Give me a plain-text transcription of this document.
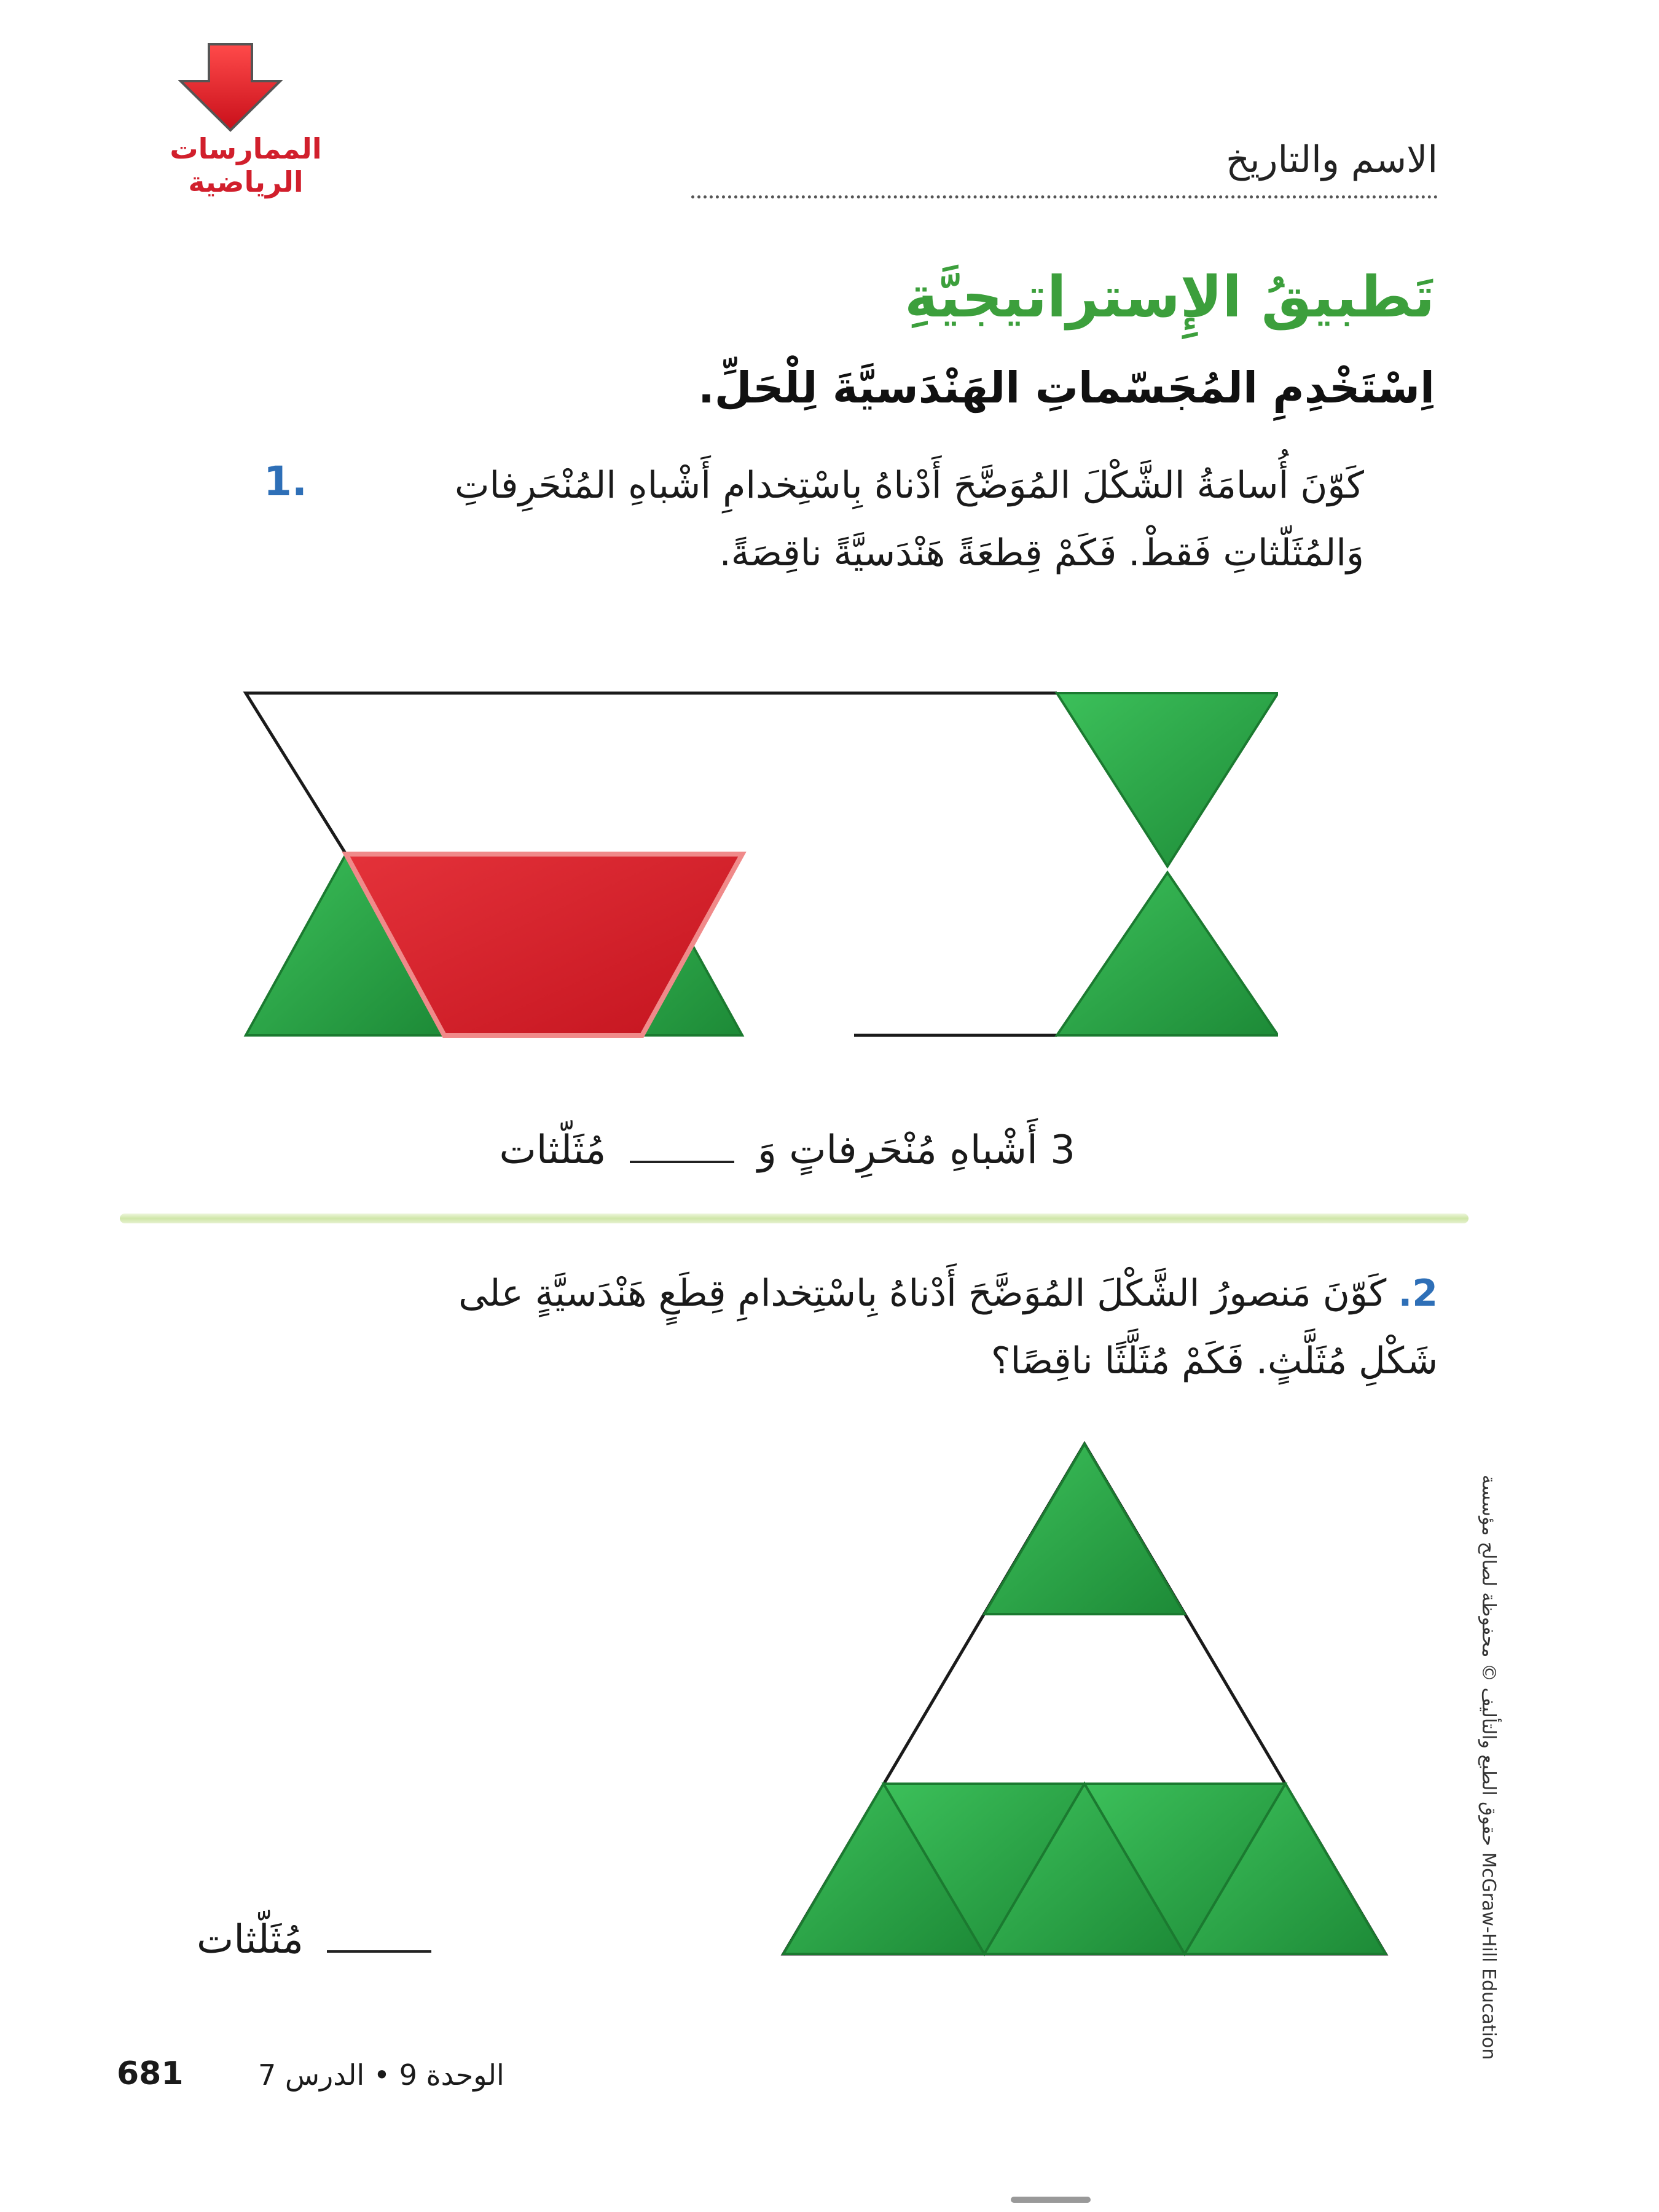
الممارسات الرياضية
الاسم والتاريخ
تَطبيقُ الإِستراتيجيَّةِ
اِسْتَخْدِمِ المُجَسّماتِ الهَنْدَسيَّةَ لِلْحَلِّ.
1.	كَوّنَ أُسامَةُ الشَّكْلَ المُوَضَّحَ أَدْناهُ بِاسْتِخدامِ أَشْباهِ المُنْحَرِفاتِ وَالمُثَلّثاتِ فَقطْ. فَكَمْ قِطعَةً هَنْدَسيَّةً ناقِصَةً.
3 أَشْباهِ مُنْحَرِفاتٍ وَ  مُثَلّثات
2. كَوّنَ مَنصورُ الشَّكْلَ المُوَضَّحَ أَدْناهُ بِاسْتِخدامِ قِطَعٍ هَنْدَسيَّةٍ على شَكْلِ مُثَلَّثٍ. فَكَمْ مُثَلَّثًا ناقِصًا؟
مُثَلّثات
حقوق الطبع والتأليف © محفوظة لصالح مؤسسة McGraw-Hill Education
681	الوحدة 9 • الدرس 7
